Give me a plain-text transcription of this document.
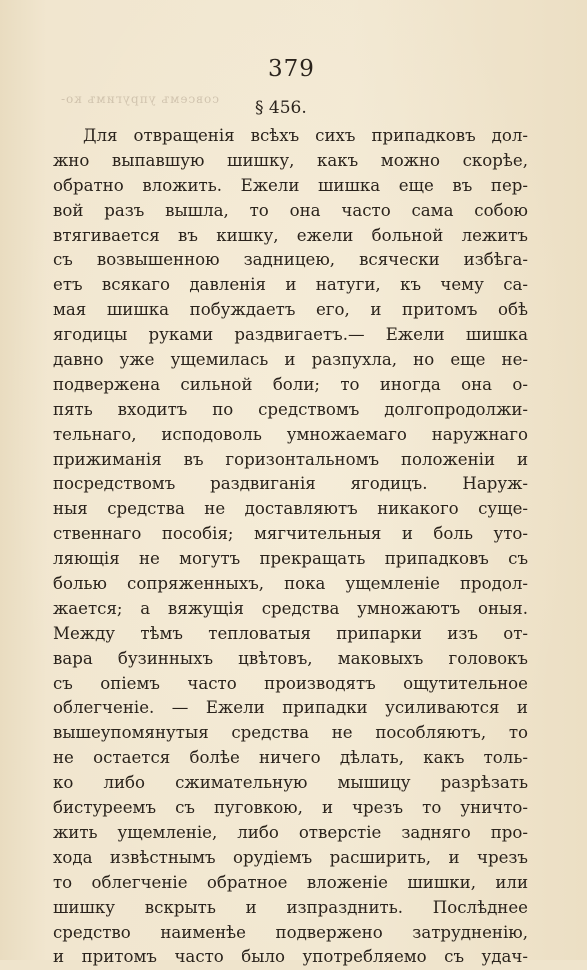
совсемъ упругимъ ко-
379
§ 456.
Для отвращенія всѣхъ сихъ припадковъ дол-
жно выпавшую шишку, какъ можно скорѣе,
обратно вложить. Ежели шишка еще въ пер-
вой разъ вышла, то она часто сама собою
втягивается въ кишку, ежели больной лежитъ
съ возвышенною задницею, всячески избѣга-
етъ всякаго давленія и натуги, къ чему са-
мая шишка побуждаетъ его, и притомъ обѣ
ягодицы руками раздвигаетъ.— Ежели шишка
давно уже ущемилась и разпухла, но еще не-
подвержена сильной боли; то иногда она о-
пять входитъ по средствомъ долгопродолжи-
тельнаго, исподоволь умножаемаго наружнаго
прижиманія въ горизонтальномъ положеніи и
посредствомъ раздвиганія ягодицъ. Наруж-
ныя средства не доставляютъ никакого суще-
ственнаго пособія; мягчительныя и боль уто-
ляющія не могутъ прекращать припадковъ съ
болью сопряженныхъ, пока ущемленіе продол-
жается; а вяжущія средства умножаютъ оныя.
Между тѣмъ тепловатыя припарки изъ от-
вара бузинныхъ цвѣтовъ, маковыхъ головокъ
съ опіемъ часто производятъ ощутительное
облегченіе. — Ежели припадки усиливаются и
вышеупомянутыя средства не пособляютъ, то
не остается болѣе ничего дѣлать, какъ толь-
ко либо сжимательную мышицу разрѣзать
бистуреемъ съ пуговкою, и чрезъ то уничто-
жить ущемленіе, либо отверстіе задняго про-
хода извѣстнымъ орудіемъ расширить, и чрезъ
то облегченіе обратное вложеніе шишки, или
шишку вскрыть и изпразднить. Послѣднее
средство наименѣе подвержено затрудненію,
и притомъ часто было употребляемо съ удач-
